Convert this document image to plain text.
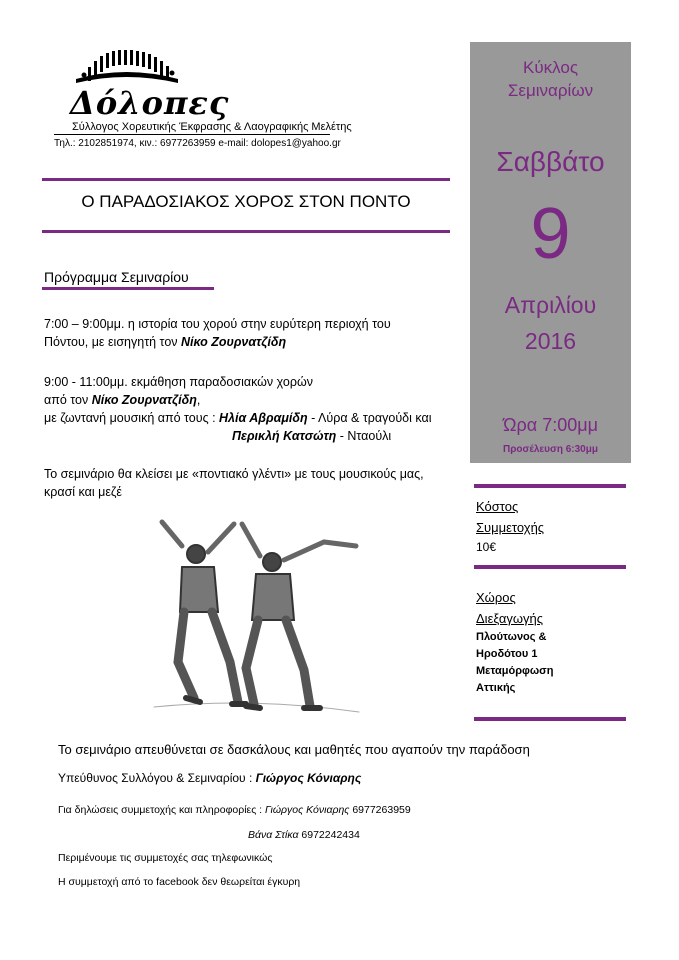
Δόλοπες
Σύλλογος Χορευτικής Έκφρασης & Λαογραφικής Μελέτης
Τηλ.: 2102851974, κιν.: 6977263959 e-mail: dolopes1@yahoo.gr
Ο ΠΑΡΑΔΟΣΙΑΚΟΣ ΧΟΡΟΣ ΣΤΟΝ ΠΟΝΤΟ
Πρόγραμμα Σεμιναρίου
7:00 – 9:00μμ. η ιστορία του χορού στην ευρύτερη περιοχή του
Πόντου, με εισηγητή τον Νίκο Ζουρνατζίδη
9:00 - 11:00μμ. εκμάθηση παραδοσιακών χορών
από τον Νίκο Ζουρνατζίδη,
με ζωντανή μουσική από τους : Ηλία Αβραμίδη - Λύρα & τραγούδι και
Περικλή Κατσώτη - Νταούλι
Το σεμινάριο θα κλείσει με «ποντιακό γλέντι» με τους μουσικούς μας,
κρασί και μεζέ
Το σεμινάριο απευθύνεται σε δασκάλους και μαθητές που αγαπούν την παράδοση
Υπεύθυνος Συλλόγου & Σεμιναρίου : Γιώργος Κόνιαρης
Για δηλώσεις συμμετοχής και πληροφορίες : Γιώργος Κόνιαρης 6977263959
Βάνα Στίκα 6972242434
Περιμένουμε τις συμμετοχές σας τηλεφωνικώς
Η συμμετοχή από το facebook δεν θεωρείται έγκυρη
Κύκλος
Σεμιναρίων
Σαββάτο
9
Απριλίου
2016
Ώρα 7:00μμ
Προσέλευση 6:30μμ
Κόστος
Συμμετοχής
10€
Χώρος
Διεξαγωγής
Πλούτωνος &
Ηροδότου 1
Μεταμόρφωση
Αττικής
